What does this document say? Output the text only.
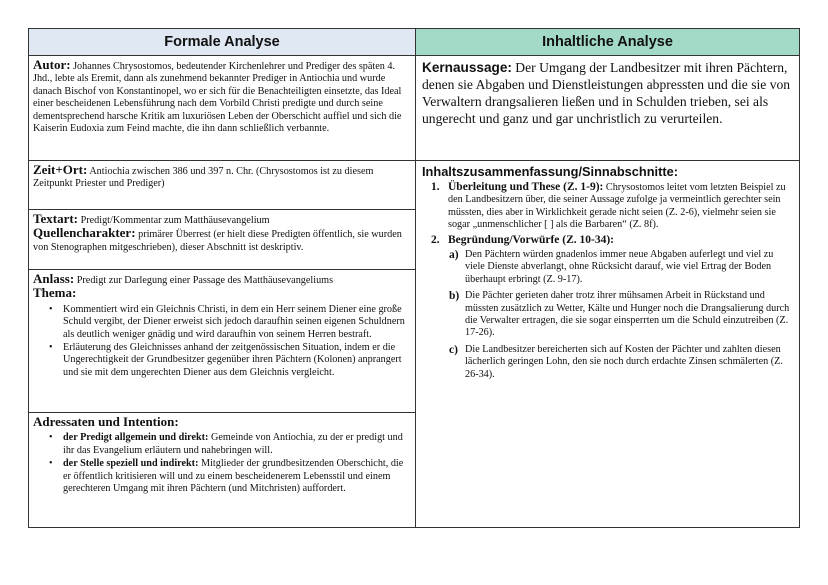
Formale Analyse	Inhaltliche Analyse
Autor: Johannes Chrysostomos, bedeutender Kirchenlehrer und Prediger des späten 4. Jhd., lebte als Eremit, dann als zunehmend bekannter Prediger in Antiochia und wurde danach Bischof von Konstantinopel, wo er sich für die Benachteiligten einsetzte, das Ideal einer bescheidenen Lebensführung nach dem Vorbild Christi predigte und durch seine dementsprechend harsche Kritik am luxuriösen Leben der Oberschicht auffiel und sich die Kaiserin Eudoxia zum Feind machte, die ihn dann schließlich verbannte.
Zeit+Ort: Antiochia zwischen 386 und 397 n. Chr. (Chrysostomos ist zu diesem Zeitpunkt Priester und Prediger)
Textart: Predigt/Kommentar zum Matthäusevangelium
Quellencharakter: primärer Überrest (er hielt diese Predigten öffentlich, sie wurden von Stenographen mitgeschrieben), dieser Abschnitt ist deskriptiv.
Anlass: Predigt zur Darlegung einer Passage des Matthäusevangeliums
Thema:
• Kommentiert wird ein Gleichnis Christi, in dem ein Herr seinem Diener eine große Schuld vergibt, der Diener erweist sich jedoch daraufhin seinen eigenen Schuldnern als deutlich weniger gnädig und wird daraufhin von seinem Herren bestraft.
• Erläuterung des Gleichnisses anhand der zeitgenössischen Situation, indem er die Ungerechtigkeit der Grundbesitzer gegenüber ihren Pächtern (Kolonen) anprangert und sie mit dem ungerechten Diener aus dem Gleichnis vergleicht.
Adressaten und Intention:
• der Predigt allgemein und direkt: Gemeinde von Antiochia, zu der er predigt und ihr das Evangelium erläutern und nahebringen will.
• der Stelle speziell und indirekt: Mitglieder der grundbesitzenden Oberschicht, die er öffentlich kritisieren will und zu einem bescheidenerem Lebensstil und einem gerechteren Umgang mit ihren Pächtern (und Mitchristen) auffordert.
Kernaussage: Der Umgang der Landbesitzer mit ihren Pächtern, denen sie Abgaben und Dienstleistungen abpressten und die sie von Verwaltern drangsalieren ließen und in Schulden trieben, sei als ungerecht und ganz und gar unchristlich zu verurteilen.
Inhaltszusammenfassung/Sinnabschnitte:
1. Überleitung und These (Z. 1-9): Chrysostomos leitet vom letzten Beispiel zu den Landbesitzern über, die seiner Aussage zufolge ja vermeintlich gerechter sein müssten, dies aber in Wirklichkeit gerade nicht seien (Z. 2-6), vielmehr seien sie sogar „unmenschlicher [ ] als die Barbaren“ (Z. 8f).
2. Begründung/Vorwürfe (Z. 10-34):
a) Den Pächtern würden gnadenlos immer neue Abgaben auferlegt und viel zu viele Dienste abverlangt, ohne Rücksicht darauf, wie viel Ertrag der Boden überhaupt erbringt (Z. 9-17).
b) Die Pächter gerieten daher trotz ihrer mühsamen Arbeit in Rückstand und müssten zusätzlich zu Wetter, Kälte und Hunger noch die Drangsalierung durch die Verwalter ertragen, die sie sogar einsperrten um die Schuld einzutreiben (Z. 17-26).
c) Die Landbesitzer bereicherten sich auf Kosten der Pächter und zahlten diesen lächerlich geringen Lohn, den sie noch durch erdachte Zinsen schmälerten (Z. 26-34).
